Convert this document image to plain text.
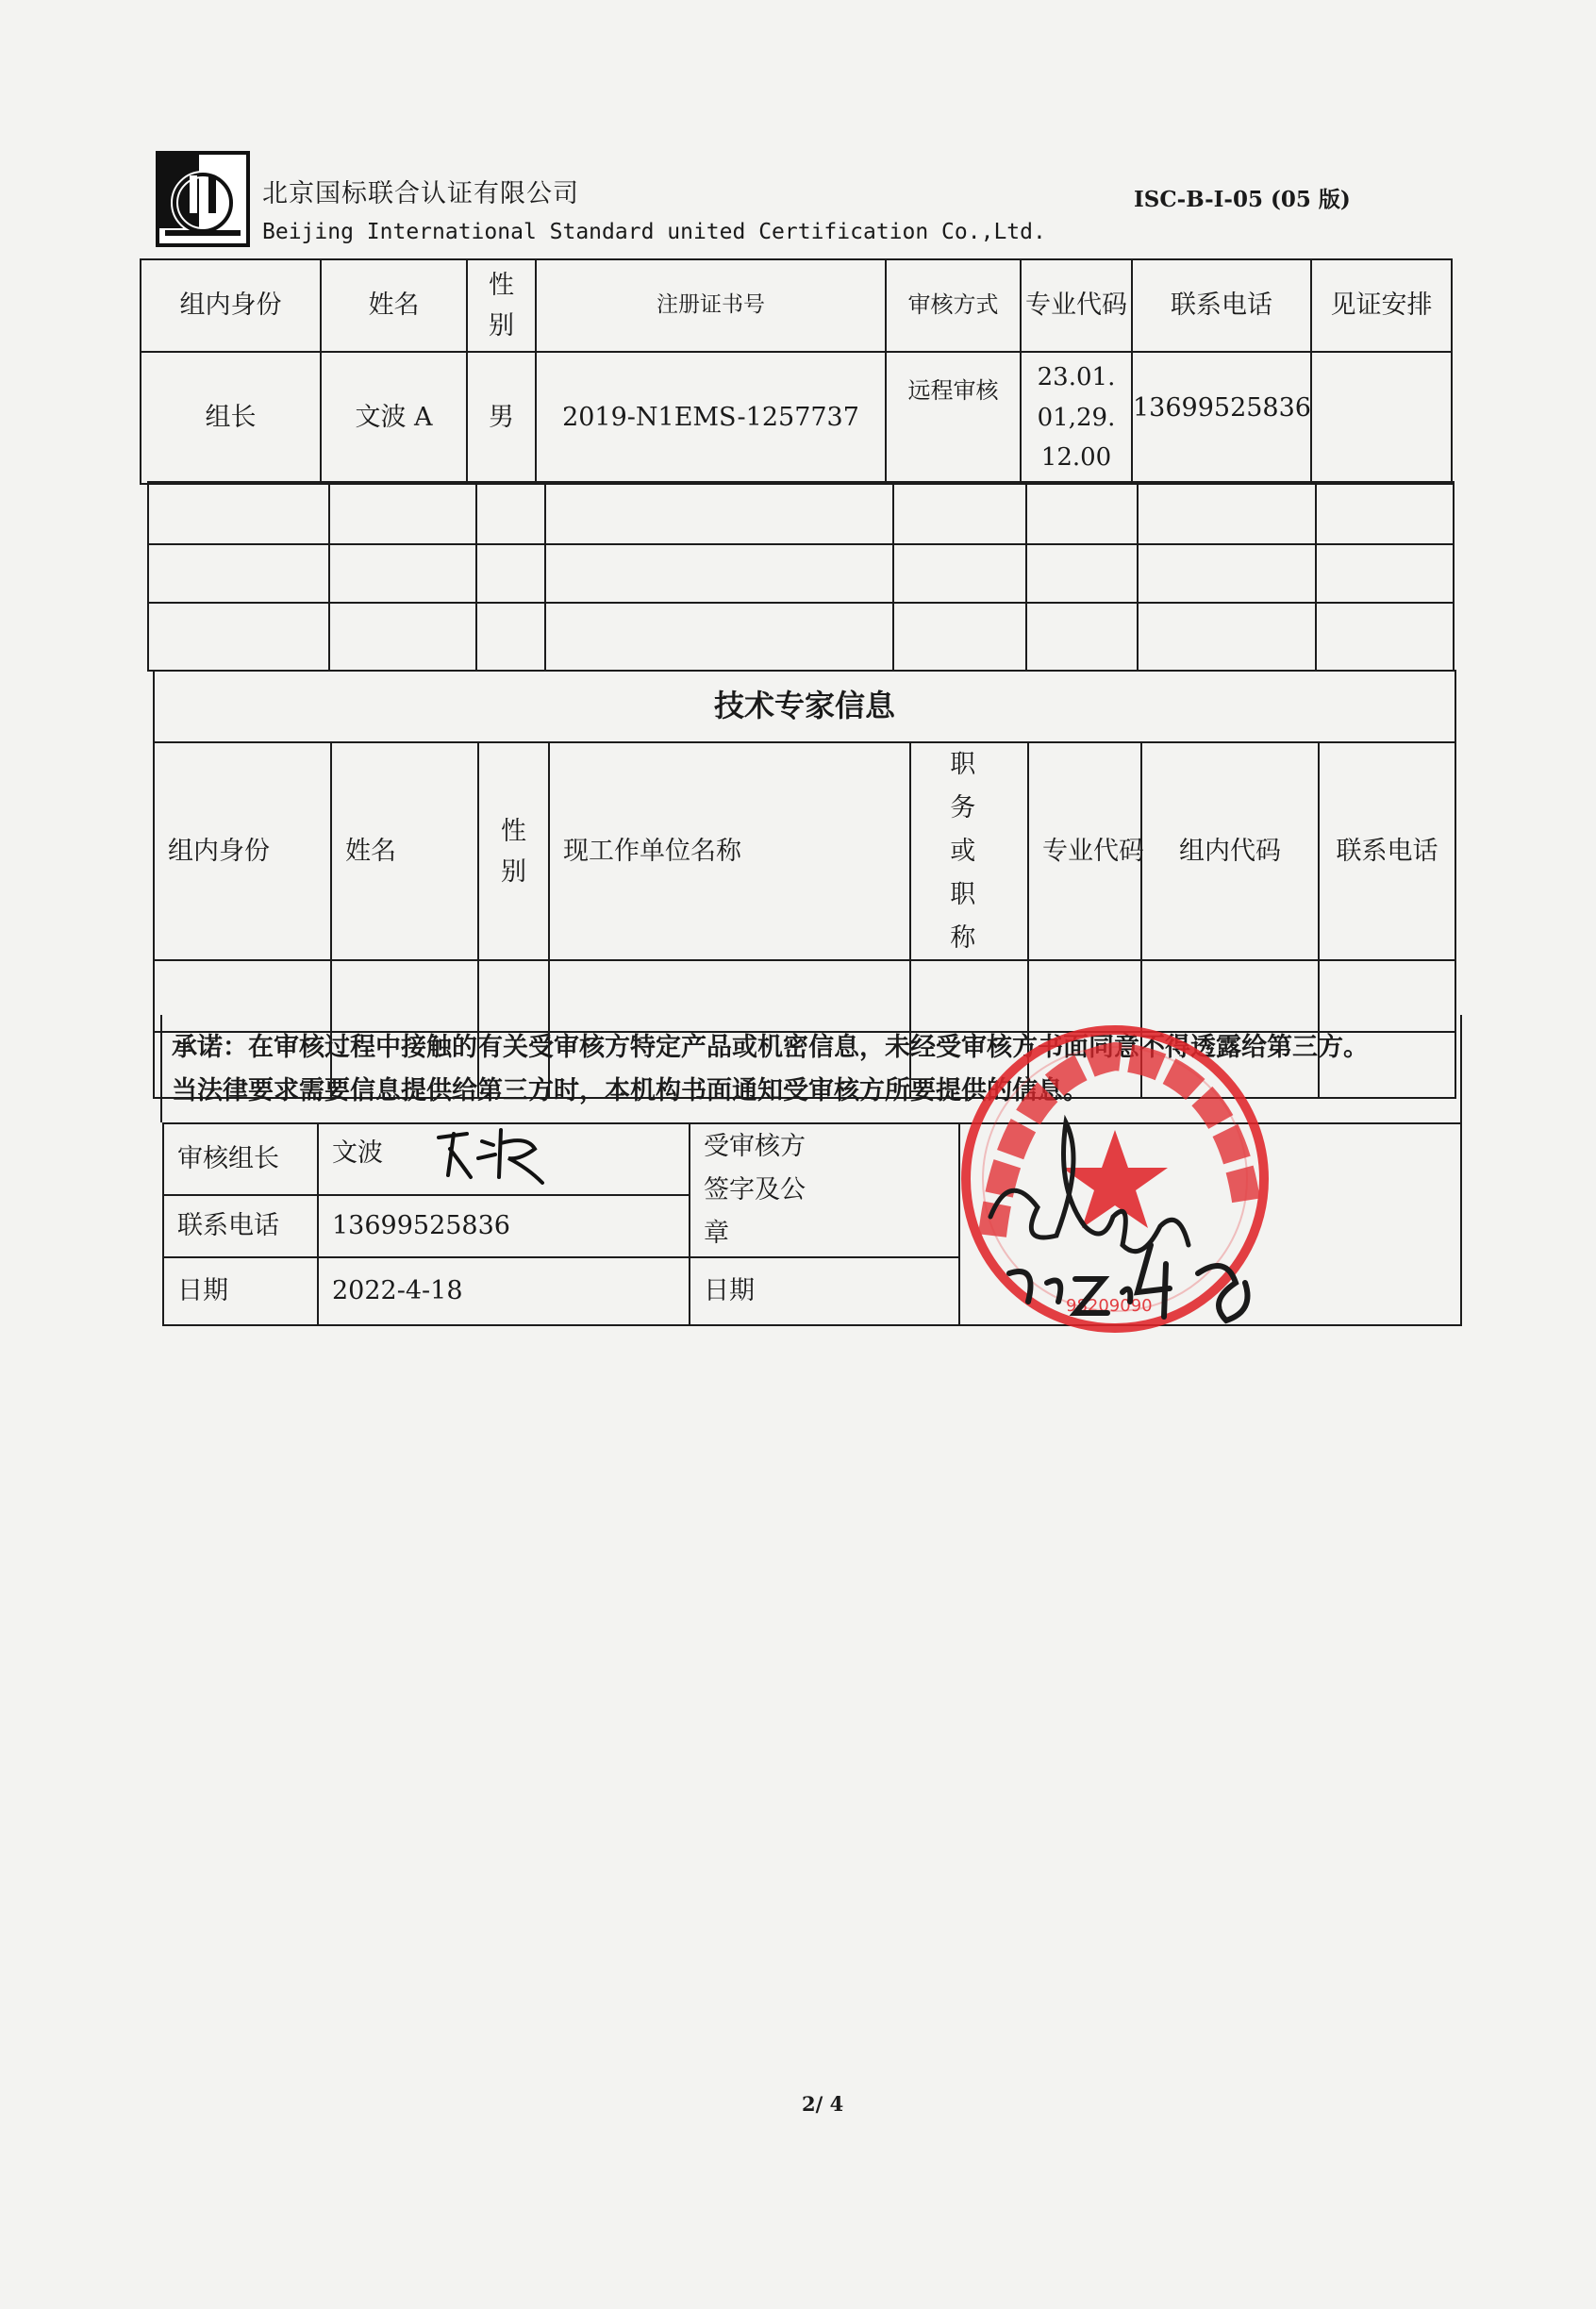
北京国标联合认证有限公司
Beijing International Standard united Certification Co.,Ltd.
ISC-B-I-05 (05 版)
组内身份	姓名	性别	注册证书号	审核方式	专业代码	联系电话	见证安排
组长	文波 A	男	2019-N1EMS-1257737	远程审核	23.01.01,29.12.00	13699525836	

技术专家信息							
组内身份	姓名	性别	现工作单位名称	职务或职称	专业代码	组内代码	联系电话

承诺：在审核过程中接触的有关受审核方特定产品或机密信息，未经受审核方书面同意不得透露给第三方。
当法律要求需要信息提供给第三方时，本机构书面通知受审核方所要提供的信息。
审核组长	文波	受审核方签字及公章	
联系电话	13699525836		
日期	2022-4-18	日期	
98209090
2/ 4
